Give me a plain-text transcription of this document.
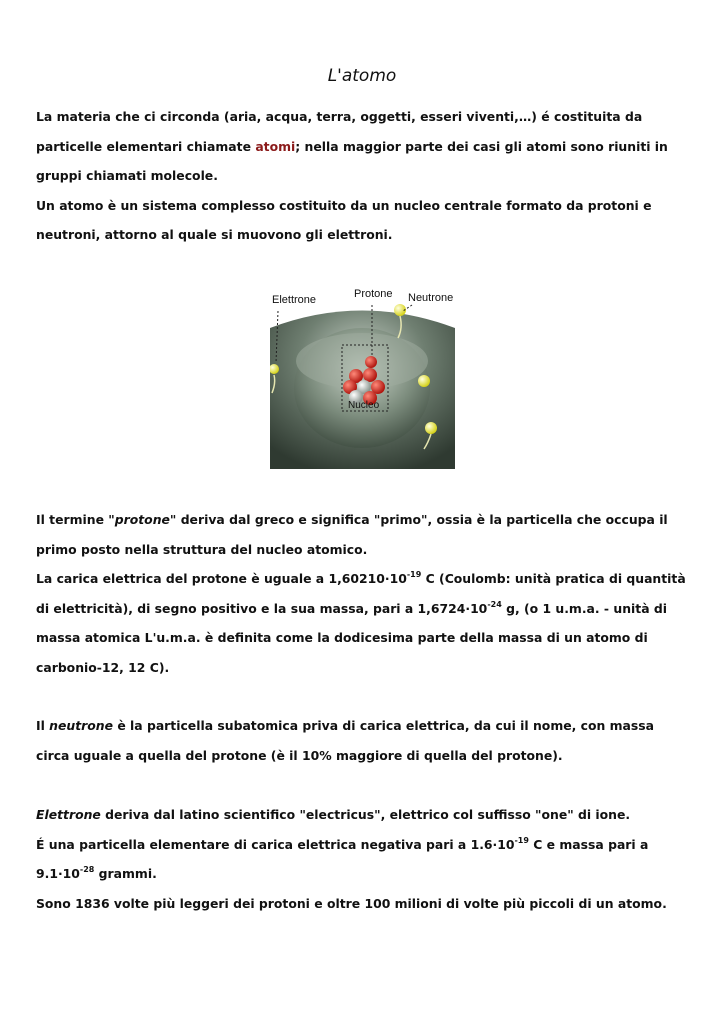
L'atomo

La materia che ci circonda (aria, acqua, terra, oggetti, esseri viventi,…) é costituita da particelle elementari chiamate atomi; nella maggior parte dei casi gli atomi sono riuniti in gruppi chiamati molecole.

Un atomo è un sistema complesso costituito da un nucleo centrale formato da protoni e neutroni, attorno al quale si muovono gli elettroni.

Elettrone	Protone Neutrone
Nucleo

Il termine "protone" deriva dal greco e significa "primo", ossia è la particella che occupa il primo posto nella struttura del nucleo atomico.

La carica elettrica del protone è uguale a $1,60210\cdot 10^{-19}$ C (Coulomb: unità pratica di quantità di elettricità), di segno positivo e la sua massa, pari a $1,6724\cdot 10^{-24}$ g, (o 1 u.m.a. - unità di massa atomica L'u.m.a. è definita come la dodicesima parte della massa di un atomo di carbonio-12, 12 C).

Il neutrone è la particella subatomica priva di carica elettrica, da cui il nome, con massa circa uguale a quella del protone (è il 10% maggiore di quella del protone).

Elettrone deriva dal latino scientifico "electricus", elettrico col suffisso "one" di ione.

É una particella elementare di carica elettrica negativa pari a $1.6\cdot 10^{-19}$ C e massa pari a $9.1\cdot 10^{-28}$ grammi.

Sono 1836 volte più leggeri dei protoni e oltre 100 milioni di volte più piccoli di un atomo.
